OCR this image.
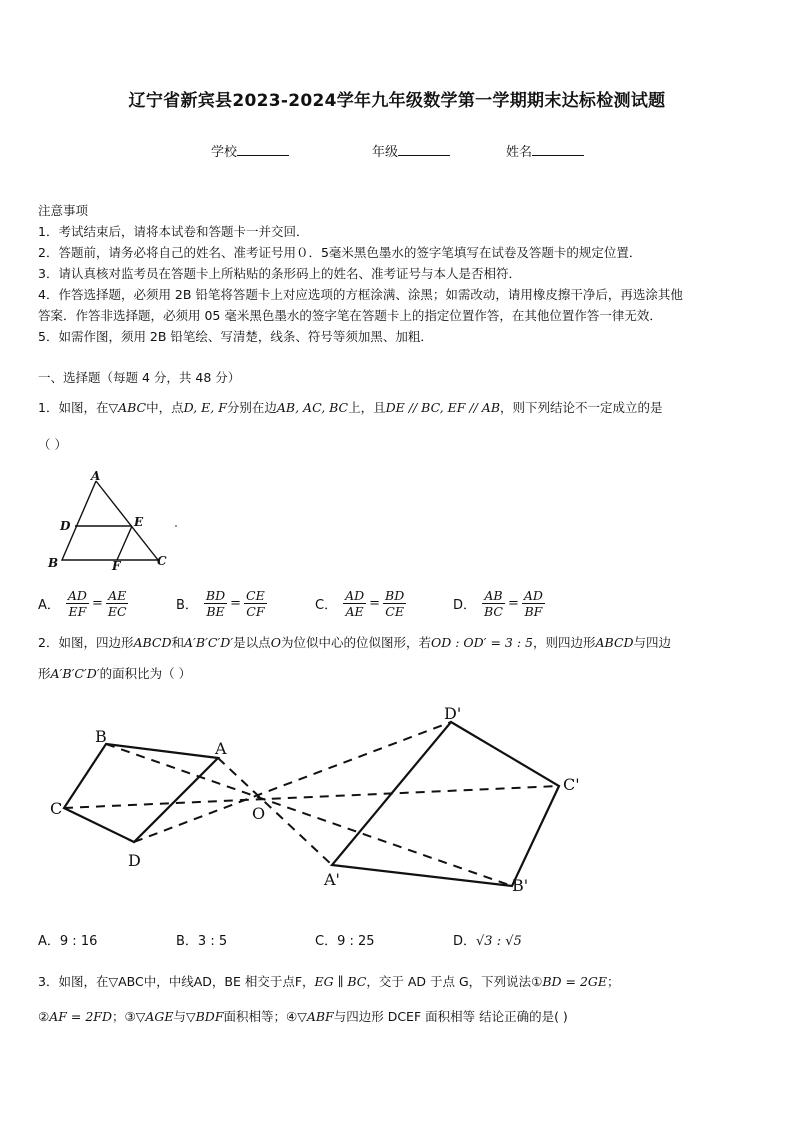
辽宁省新宾县2023-2024学年九年级数学第一学期期末达标检测试题
学校	年级	姓名
注意事项
1．考试结束后，请将本试卷和答题卡一并交回．
2．答题前，请务必将自己的姓名、准考证号用０．5毫米黑色墨水的签字笔填写在试卷及答题卡的规定位置．
3．请认真核对监考员在答题卡上所粘贴的条形码上的姓名、准考证号与本人是否相符．
4．作答选择题，必须用 2B 铅笔将答题卡上对应选项的方框涂满、涂黑；如需改动，请用橡皮擦干净后，再选涂其他
答案．作答非选择题，必须用 05 毫米黑色墨水的签字笔在答题卡上的指定位置作答，在其他位置作答一律无效．
5．如需作图，须用 2B 铅笔绘、写清楚，线条、符号等须加黑、加粗．
一、选择题（每题 4 分，共 48 分）
1．如图，在▽ABC中，点D, E, F分别在边AB, AC, BC上，且DE // BC, EF // AB，则下列结论不一定成立的是
（ ）
A
D	E
B	F	C
A． $\frac{AD}{EF} = \frac{AE}{EC}$	B． $\frac{BD}{BE} = \frac{CE}{CF}$	C． $\frac{AD}{AE} = \frac{BD}{CE}$	D． $\frac{AB}{BC} = \frac{AD}{BF}$
2．如图，四边形ABCD和A′B′C′D′是以点O为位似中心的位似图形，若OD : OD′ = 3 : 5，则四边形ABCD与四边
形A′B′C′D′的面积比为（ ）
B
A
C
D
O
D'
C'
A'	B'
A．9 : 16	B．3 : 5	C．9 : 25	D．√3 : √5
3．如图，在▽ABC中，中线AD，BE 相交于点F，EG ∥ BC，交于 AD 于点 G，下列说法①BD = 2GE；
②AF = 2FD；③▽AGE与▽BDF面积相等；④▽ABF与四边形 DCEF 面积相等 结论正确的是( )
